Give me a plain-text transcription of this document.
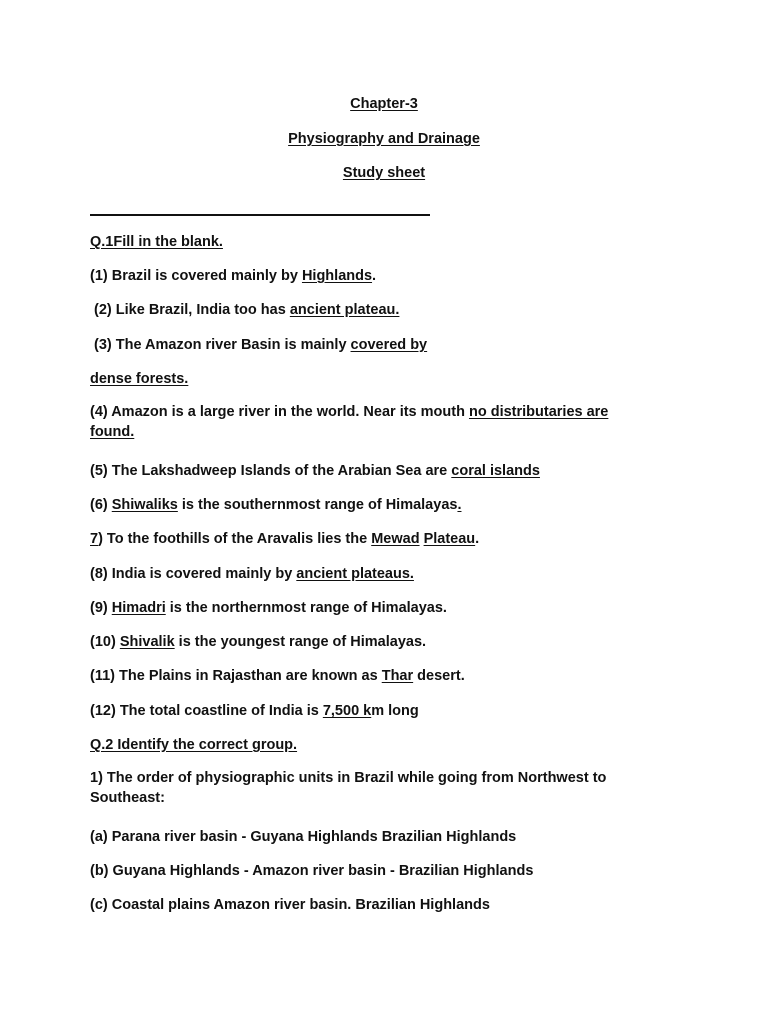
Chapter-3
Physiography and Drainage
Study sheet
Q.1Fill in the blank.
(1) Brazil is covered mainly by Highlands.
(2) Like Brazil, India too has ancient plateau.
(3) The Amazon river Basin is mainly covered by
dense forests.
(4) Amazon is a large river in the world. Near its mouth no distributaries are found.
(5) The Lakshadweep Islands of the Arabian Sea are coral islands
(6) Shiwaliks is the southernmost range of Himalayas.
7) To the foothills of the Aravalis lies the Mewad Plateau.
(8) India is covered mainly by ancient plateaus.
(9) Himadri is the northernmost range of Himalayas.
(10) Shivalik is the youngest range of Himalayas.
(11) The Plains in Rajasthan are known as Thar desert.
(12) The total coastline of India is 7,500 km long
Q.2 Identify the correct group.
1) The order of physiographic units in Brazil while going from Northwest to Southeast:
(a) Parana river basin - Guyana Highlands Brazilian Highlands
(b) Guyana Highlands - Amazon river basin - Brazilian Highlands
(c) Coastal plains Amazon river basin. Brazilian Highlands
